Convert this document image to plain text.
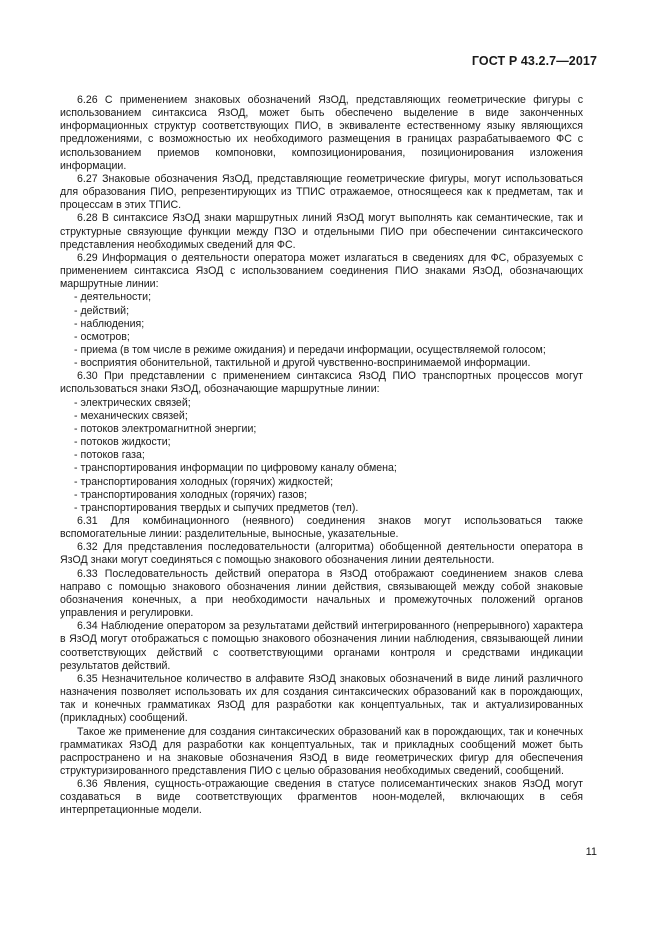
ГОСТ Р 43.2.7—2017

6.26 С применением знаковых обозначений ЯзОД, представляющих геометрические фигуры с использованием синтаксиса ЯзОД, может быть обеспечено выделение в виде законченных информационных структур соответствующих ПИО, в эквиваленте естественному языку являющихся предложениями, с возможностью их необходимого размещения в границах разрабатываемого ФС с использованием приемов компоновки, композиционирования, позиционирования изложения информации.

6.27 Знаковые обозначения ЯзОД, представляющие геометрические фигуры, могут использоваться для образования ПИО, репрезентирующих из ТПИС отражаемое, относящееся как к предметам, так и процессам в этих ТПИС.

6.28 В синтаксисе ЯзОД знаки маршрутных линий ЯзОД могут выполнять как семантические, так и структурные связующие функции между ПЗО и отдельными ПИО при обеспечении синтаксического представления необходимых сведений для ФС.

6.29 Информация о деятельности оператора может излагаться в сведениях для ФС, образуемых с применением синтаксиса ЯзОД с использованием соединения ПИО знаками ЯзОД, обозначающих маршрутные линии:

- деятельности;
- действий;
- наблюдения;
- осмотров;
- приема (в том числе в режиме ожидания) и передачи информации, осуществляемой голосом;
- восприятия обонительной, тактильной и другой чувственно-воспринимаемой информации.

6.30 При представлении с применением синтаксиса ЯзОД ПИО транспортных процессов могут использоваться знаки ЯзОД, обозначающие маршрутные линии:

- электрических связей;
- механических связей;
- потоков электромагнитной энергии;
- потоков жидкости;
- потоков газа;
- транспортирования информации по цифровому каналу обмена;
- транспортирования холодных (горячих) жидкостей;
- транспортирования холодных (горячих) газов;
- транспортирования твердых и сыпучих предметов (тел).

6.31 Для комбинационного (неявного) соединения знаков могут использоваться также вспомогательные линии: разделительные, выносные, указательные.

6.32 Для представления последовательности (алгоритма) обобщенной деятельности оператора в ЯзОД знаки могут соединяться с помощью знакового обозначения линии деятельности.

6.33 Последовательность действий оператора в ЯзОД отображают соединением знаков слева направо с помощью знакового обозначения линии действия, связывающей между собой знаковые обозначения конечных, а при необходимости начальных и промежуточных положений органов управления и регулировки.

6.34 Наблюдение оператором за результатами действий интегрированного (непрерывного) характера в ЯзОД могут отображаться с помощью знакового обозначения линии наблюдения, связывающей линии соответствующих действий с соответствующими органами контроля и средствами индикации результатов действий.

6.35 Незначительное количество в алфавите ЯзОД знаковых обозначений в виде линий различного назначения позволяет использовать их для создания синтаксических образований как в порождающих, так и конечных грамматиках ЯзОД для разработки как концептуальных, так и актуализированных (прикладных) сообщений.

Такое же применение для создания синтаксических образований как в порождающих, так и конечных грамматиках ЯзОД для разработки как концептуальных, так и прикладных сообщений может быть распространено и на знаковые обозначения ЯзОД в виде геометрических фигур для обеспечения структуризированного представления ПИО с целью образования необходимых сведений, сообщений.

6.36 Явления, сущность-отражающие сведения в статусе полисемантических знаков ЯзОД могут создаваться в виде соответствующих фрагментов ноон-моделей, включающих в себя интерпретационные модели.

11
